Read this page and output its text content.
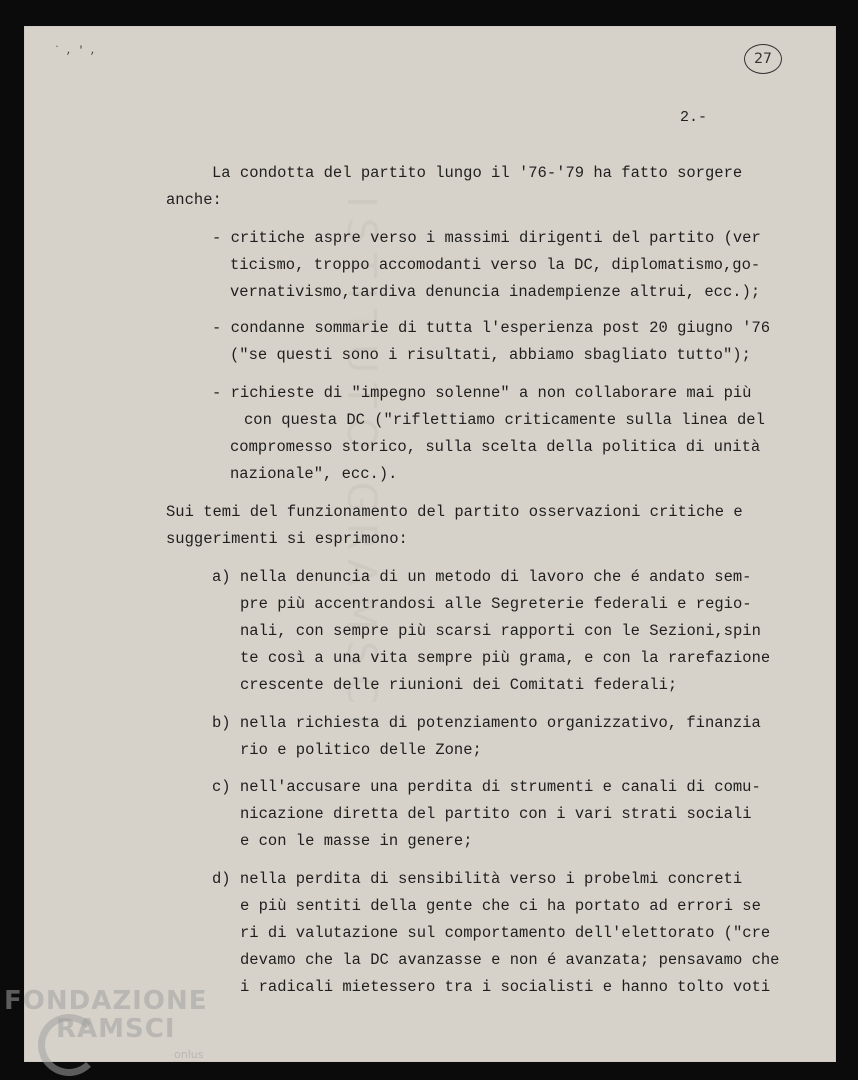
` , ' ,	27
2.-

La condotta del partito lungo il '76-'79 ha fatto sorgere

anche:

- critiche aspre verso i massimi dirigenti del partito (ver

ticismo, troppo accomodanti verso la DC, diplomatismo,go-

vernativismo,tardiva denuncia inadempienze altrui, ecc.);

- condanne sommarie di tutta l'esperienza post 20 giugno '76

("se questi sono i risultati, abbiamo sbagliato tutto");

- richieste di "impegno solenne" a non collaborare mai più

con questa DC ("riflettiamo criticamente sulla linea del

compromesso storico, sulla scelta della politica di unità

nazionale", ecc.).

Sui temi del funzionamento del partito osservazioni critiche e

suggerimenti si esprimono:

a) nella denuncia di un metodo di lavoro che é andato sem-

pre più accentrandosi alle Segreterie federali e regio-

nali, con sempre più scarsi rapporti con le Sezioni,spin

te così a una vita sempre più grama, e con la rarefazione

crescente delle riunioni dei Comitati federali;

b) nella richiesta di potenziamento organizzativo, finanzia

rio e politico delle Zone;

c) nell'accusare una perdita di strumenti e canali di comu-

nicazione diretta del partito con i vari strati sociali

e con le masse in genere;

d) nella perdita di sensibilità verso i probelmi concreti

e più sentiti della gente che ci ha portato ad errori se

ri di valutazione sul comportamento dell'elettorato ("cre

devamo che la DC avanzasse e non é avanzata; pensavamo che

i radicali mietessero tra i socialisti e hanno tolto voti

FONDAZIONE
RAMSCI
onlus
